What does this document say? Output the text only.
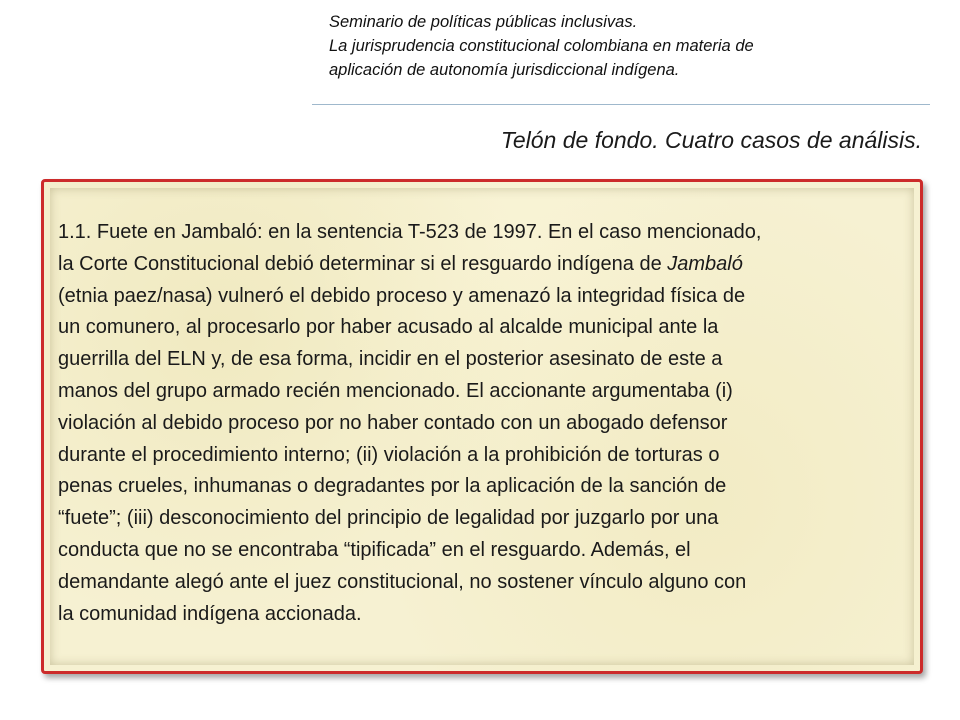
Seminario de políticas públicas inclusivas.
La jurisprudencia constitucional colombiana en materia de
aplicación de autonomía jurisdiccional indígena.
Telón de fondo. Cuatro casos de análisis.
1.1. Fuete en Jambaló: en la sentencia T-523 de 1997. En el caso mencionado,
la Corte Constitucional debió determinar si el resguardo indígena de Jambaló
(etnia paez/nasa) vulneró el debido proceso y amenazó la integridad física de
un comunero, al procesarlo por haber acusado al alcalde municipal ante la
guerrilla del ELN y, de esa forma, incidir en el posterior asesinato de este a
manos del grupo armado recién mencionado. El accionante argumentaba (i)
violación al debido proceso por no haber contado con un abogado defensor
durante el procedimiento interno; (ii) violación a la prohibición de torturas o
penas crueles, inhumanas o degradantes por la aplicación de la sanción de
“fuete”; (iii) desconocimiento del principio de legalidad por juzgarlo por una
conducta que no se encontraba “tipificada” en el resguardo. Además, el
demandante alegó ante el juez constitucional, no sostener vínculo alguno con
la comunidad indígena accionada.
